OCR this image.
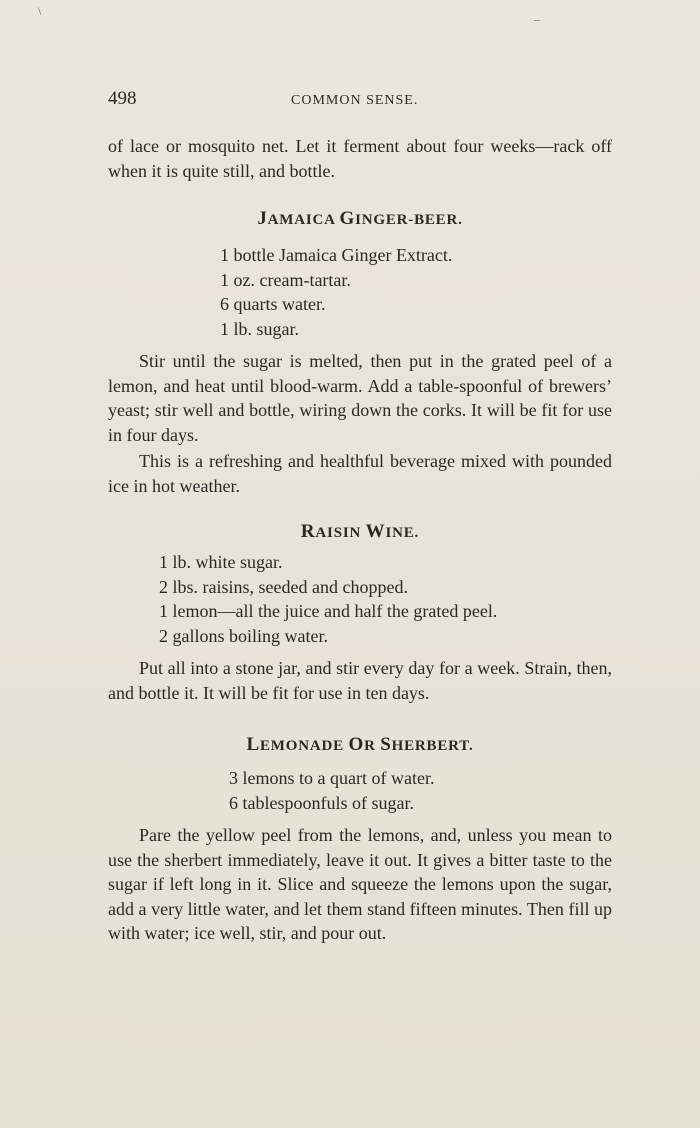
498	COMMON SENSE.

of lace or mosquito net. Let it ferment about four weeks—rack off when it is quite still, and bottle.

JAMAICA GINGER-BEER.
1 bottle Jamaica Ginger Extract.
1 oz. cream-tartar.
6 quarts water.
1 lb. sugar.

Stir until the sugar is melted, then put in the grated peel of a lemon, and heat until blood-warm. Add a table-spoonful of brewers’ yeast; stir well and bottle, wiring down the corks. It will be fit for use in four days.

This is a refreshing and healthful beverage mixed with pounded ice in hot weather.

RAISIN WINE.
1 lb. white sugar.
2 lbs. raisins, seeded and chopped.
1 lemon—all the juice and half the grated peel.
2 gallons boiling water.

Put all into a stone jar, and stir every day for a week. Strain, then, and bottle it. It will be fit for use in ten days.

LEMONADE OR SHERBERT.
3 lemons to a quart of water.
6 tablespoonfuls of sugar.

Pare the yellow peel from the lemons, and, unless you mean to use the sherbert immediately, leave it out. It gives a bitter taste to the sugar if left long in it. Slice and squeeze the lemons upon the sugar, add a very little water, and let them stand fifteen minutes. Then fill up with water; ice well, stir, and pour out.

\
‒
